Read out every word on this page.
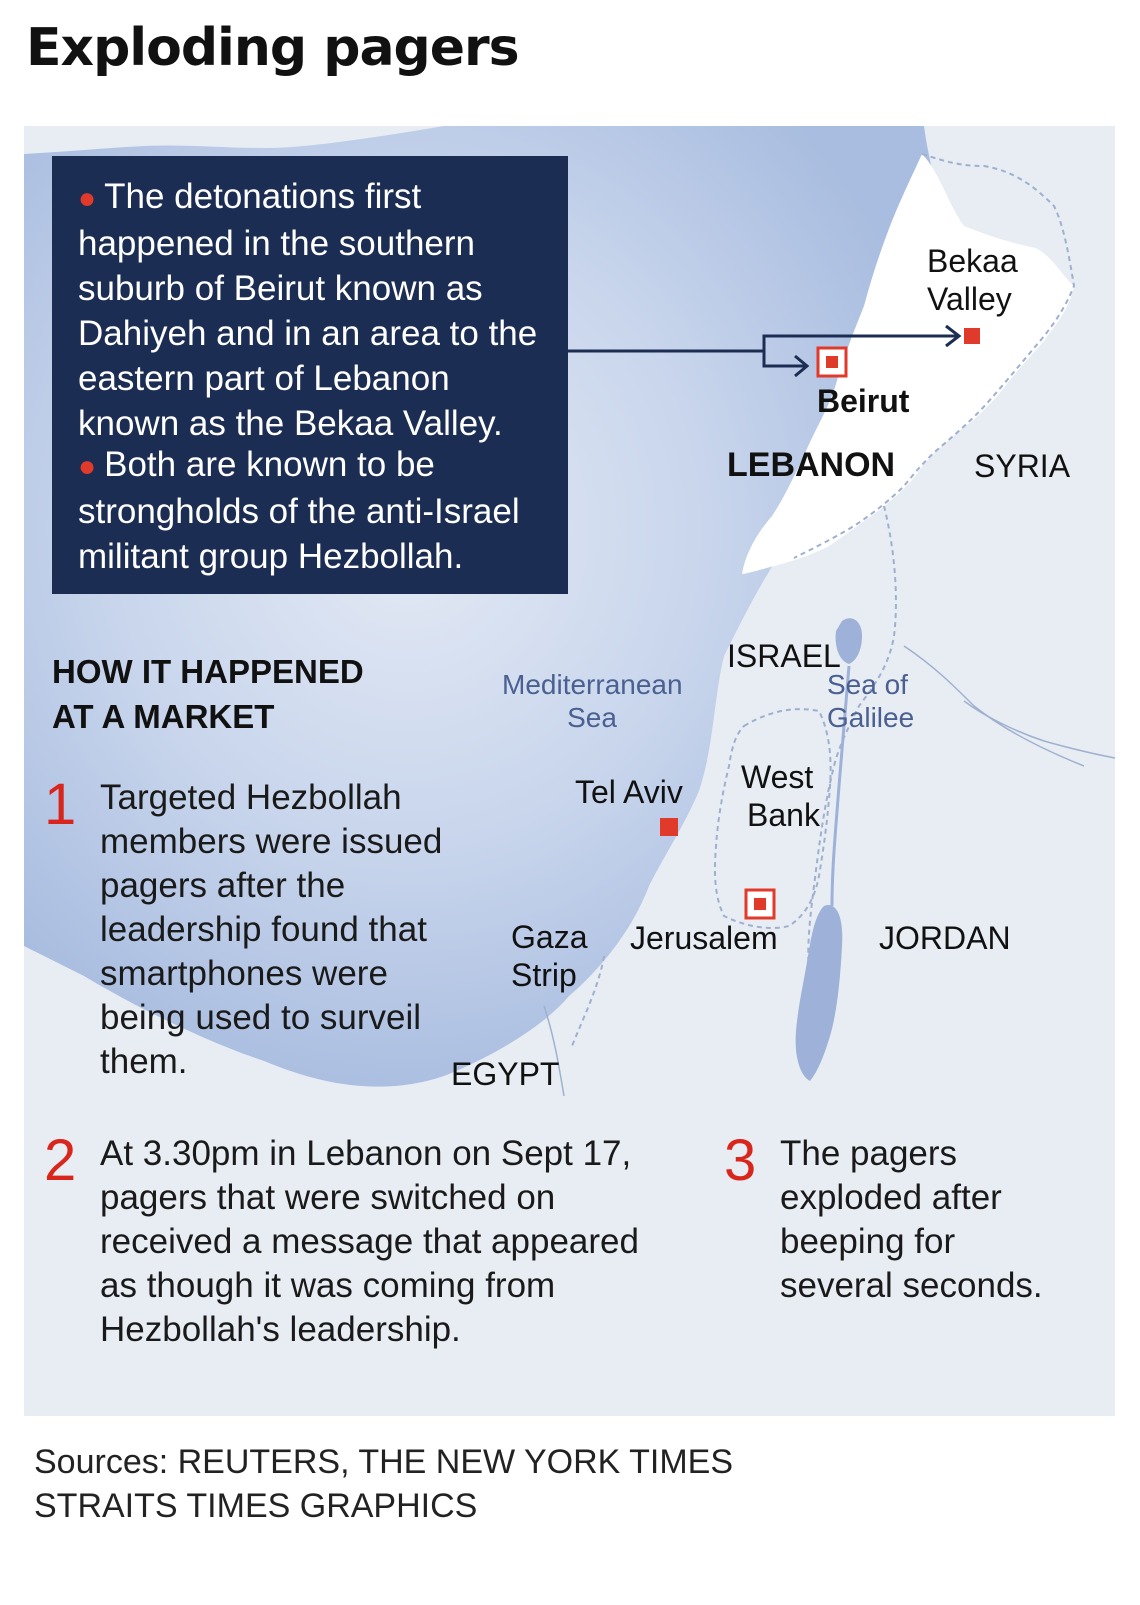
Exploding pagers

● The detonations first
happened in the southern
suburb of Beirut known as
Dahiyeh and in an area to the
eastern part of Lebanon
known as the Bekaa Valley.

● Both are known to be
strongholds of the anti-Israel
militant group Hezbollah.

Bekaa
Valley
Beirut
LEBANON SYRIA
ISRAEL
Sea of
Galilee
Mediterranean
Sea
Tel Aviv West
Bank
Gaza
Strip
Jerusalem	JORDAN
EGYPT
HOW IT HAPPENED
AT A MARKET
1 Targeted Hezbollah
members were issued
pagers after the
leadership found that
smartphones were
being used to surveil
them.
2 At 3.30pm in Lebanon on Sept 17,
pagers that were switched on
received a message that appeared
as though it was coming from
Hezbollah's leadership.
3 The pagers
exploded after
beeping for
several seconds.
Sources: REUTERS, THE NEW YORK TIMES
STRAITS TIMES GRAPHICS
